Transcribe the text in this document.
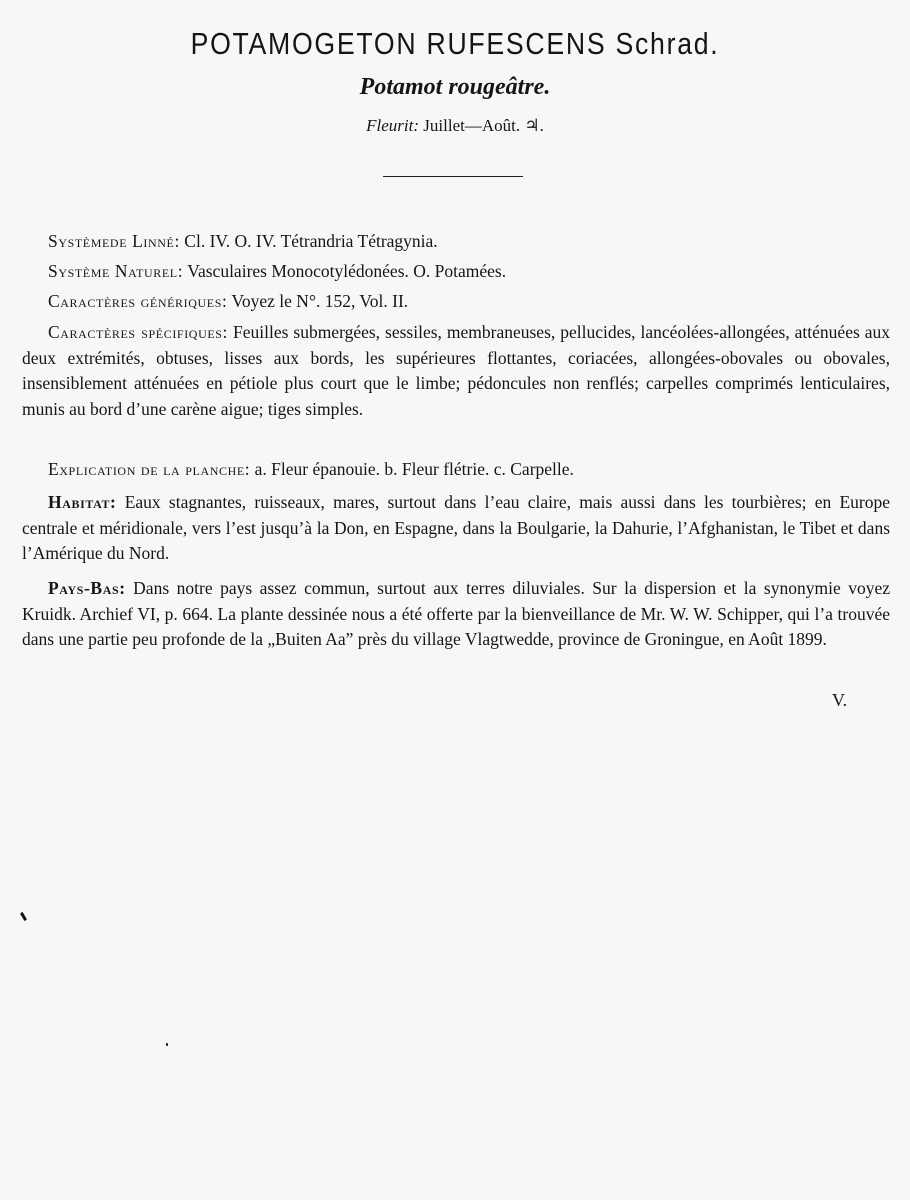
POTAMOGETON RUFESCENS Schrad.
Potamot rougeâtre.
Fleurit: Juillet—Août. ♃.
Systèmede Linné: Cl. IV. O. IV. Tétrandria Tétragynia.
Système Naturel: Vasculaires Monocotylédonées. O. Potamées.
Caractères génériques: Voyez le N°. 152, Vol. II.
Caractères spécifiques: Feuilles submergées, sessiles, membraneuses, pellucides, lancéolées-allongées, atténuées aux deux extrémités, obtuses, lisses aux bords, les supérieures flottantes, coriacées, allongées-obovales ou obovales, insensiblement atténuées en pétiole plus court que le limbe; pédoncules non renflés; carpelles comprimés lenticulaires, munis au bord d’une carène aigue; tiges simples.
Explication de la planche: a. Fleur épanouie. b. Fleur flétrie. c. Carpelle.
Habitat: Eaux stagnantes, ruisseaux, mares, surtout dans l’eau claire, mais aussi dans les tourbières; en Europe centrale et méridionale, vers l’est jusqu’à la Don, en Espagne, dans la Boulgarie, la Dahurie, l’Afghanistan, le Tibet et dans l’Amérique du Nord.
Pays-Bas: Dans notre pays assez commun, surtout aux terres diluviales. Sur la dispersion et la synonymie voyez Kruidk. Archief VI, p. 664. La plante dessinée nous a été offerte par la bienveillance de Mr. W. W. Schipper, qui l’a trouvée dans une partie peu profonde de la „Buiten Aa” près du village Vlagtwedde, province de Groningue, en Août 1899.
V.
